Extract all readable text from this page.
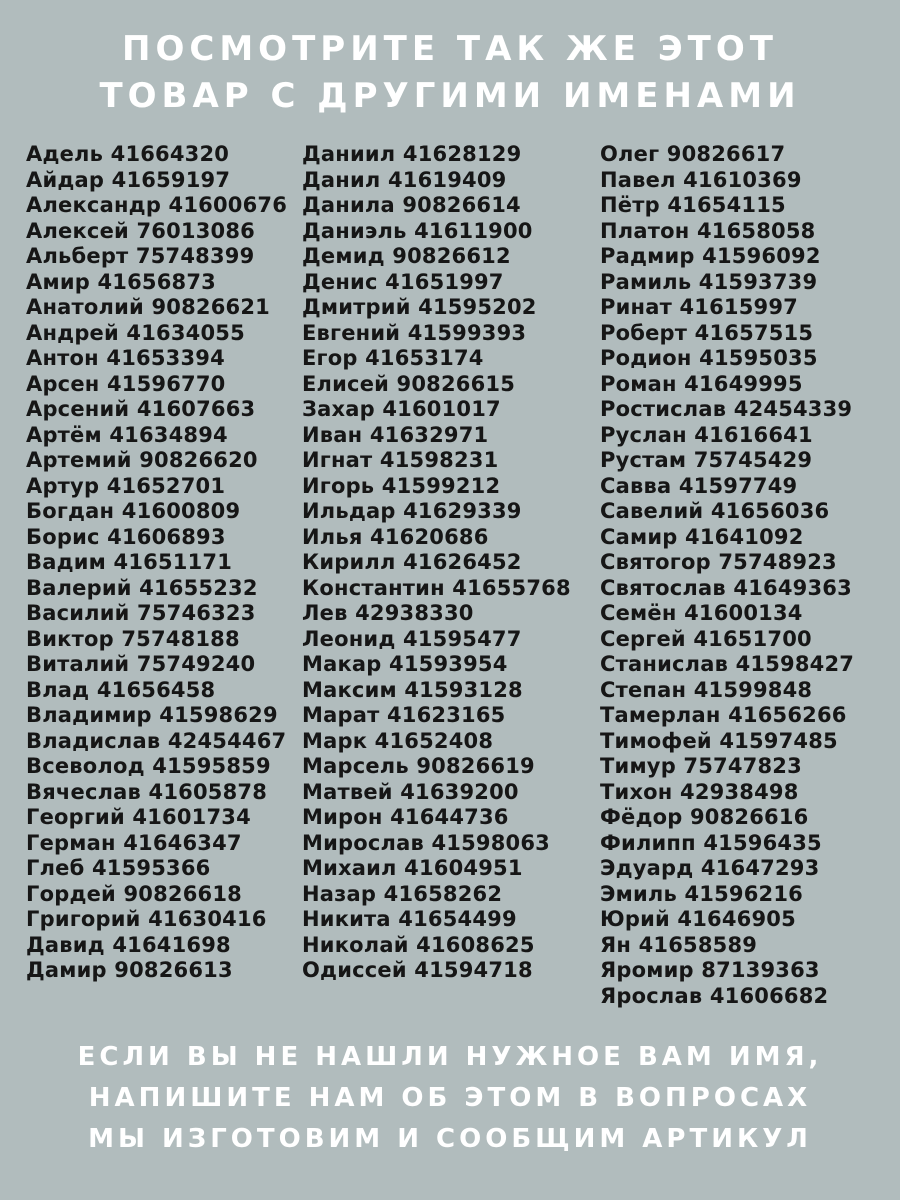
ПОСМОТРИТЕ ТАК ЖЕ ЭТОТ
ТОВАР С ДРУГИМИ ИМЕНАМИ
Адель 41664320
Айдар 41659197
Александр 41600676
Алексей 76013086
Альберт 75748399
Амир 41656873
Анатолий 90826621
Андрей 41634055
Антон 41653394
Арсен 41596770
Арсений 41607663
Артём 41634894
Артемий 90826620
Артур 41652701
Богдан 41600809
Борис 41606893
Вадим 41651171
Валерий 41655232
Василий 75746323
Виктор 75748188
Виталий 75749240
Влад 41656458
Владимир 41598629
Владислав 42454467
Всеволод 41595859
Вячеслав 41605878
Георгий 41601734
Герман 41646347
Глеб 41595366
Гордей 90826618
Григорий 41630416
Давид 41641698
Дамир 90826613
Даниил 41628129
Данил 41619409
Данила 90826614
Даниэль 41611900
Демид 90826612
Денис 41651997
Дмитрий 41595202
Евгений 41599393
Егор 41653174
Елисей 90826615
Захар 41601017
Иван 41632971
Игнат 41598231
Игорь 41599212
Ильдар 41629339
Илья 41620686
Кирилл 41626452
Константин 41655768
Лев 42938330
Леонид 41595477
Макар 41593954
Максим 41593128
Марат 41623165
Марк 41652408
Марсель 90826619
Матвей 41639200
Мирон 41644736
Мирослав 41598063
Михаил 41604951
Назар 41658262
Никита 41654499
Николай 41608625
Одиссей 41594718
Олег 90826617
Павел 41610369
Пётр 41654115
Платон 41658058
Радмир 41596092
Рамиль 41593739
Ринат 41615997
Роберт 41657515
Родион 41595035
Роман 41649995
Ростислав 42454339
Руслан 41616641
Рустам 75745429
Савва 41597749
Савелий 41656036
Самир 41641092
Святогор 75748923
Святослав 41649363
Семён 41600134
Сергей 41651700
Станислав 41598427
Степан 41599848
Тамерлан 41656266
Тимофей 41597485
Тимур 75747823
Тихон 42938498
Фёдор 90826616
Филипп 41596435
Эдуард 41647293
Эмиль 41596216
Юрий 41646905
Ян 41658589
Яромир 87139363
Ярослав 41606682
ЕСЛИ ВЫ НЕ НАШЛИ НУЖНОЕ ВАМ ИМЯ,
НАПИШИТЕ НАМ ОБ ЭТОМ В ВОПРОСАХ
МЫ ИЗГОТОВИМ И СООБЩИМ АРТИКУЛ
